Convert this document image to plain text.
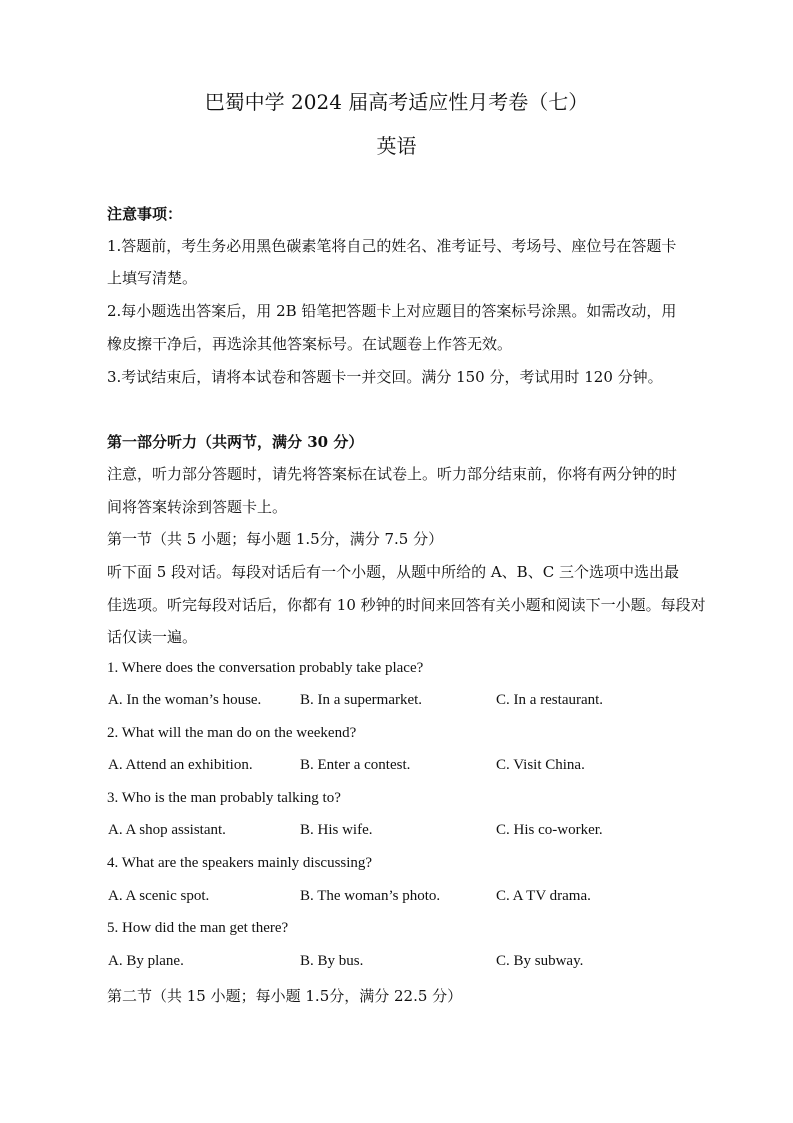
巴蜀中学 2024 届高考适应性月考卷（七）
英语
注意事项：
1.答题前，考生务必用黑色碳素笔将自己的姓名、准考证号、考场号、座位号在答题卡
上填写清楚。
2.每小题选出答案后，用 2B 铅笔把答题卡上对应题目的答案标号涂黑。如需改动，用
橡皮擦干净后，再选涂其他答案标号。在试题卷上作答无效。
3.考试结束后，请将本试卷和答题卡一并交回。满分 150 分，考试用时 120 分钟。
第一部分听力（共两节，满分 30 分）
注意，听力部分答题时，请先将答案标在试卷上。听力部分结束前，你将有两分钟的时
间将答案转涂到答题卡上。
第一节（共 5 小题；每小题 1.5分，满分 7.5 分）
听下面 5 段对话。每段对话后有一个小题，从题中所给的 A、B、C 三个选项中选出最
佳选项。听完每段对话后，你都有 10 秒钟的时间来回答有关小题和阅读下一小题。每段对
话仅读一遍。
1. Where does the conversation probably take place?
A. In the woman’s house.	B. In a supermarket.	C. In a restaurant.
2. What will the man do on the weekend?
A. Attend an exhibition.	B. Enter a contest.	C. Visit China.
3. Who is the man probably talking to?
A. A shop assistant.	B. His wife.	C. His co-worker.
4. What are the speakers mainly discussing?
A. A scenic spot.	B. The woman’s photo.	C. A TV drama.
5. How did the man get there?
A. By plane.	B. By bus.	C. By subway.
第二节（共 15 小题；每小题 1.5分，满分 22.5 分）
